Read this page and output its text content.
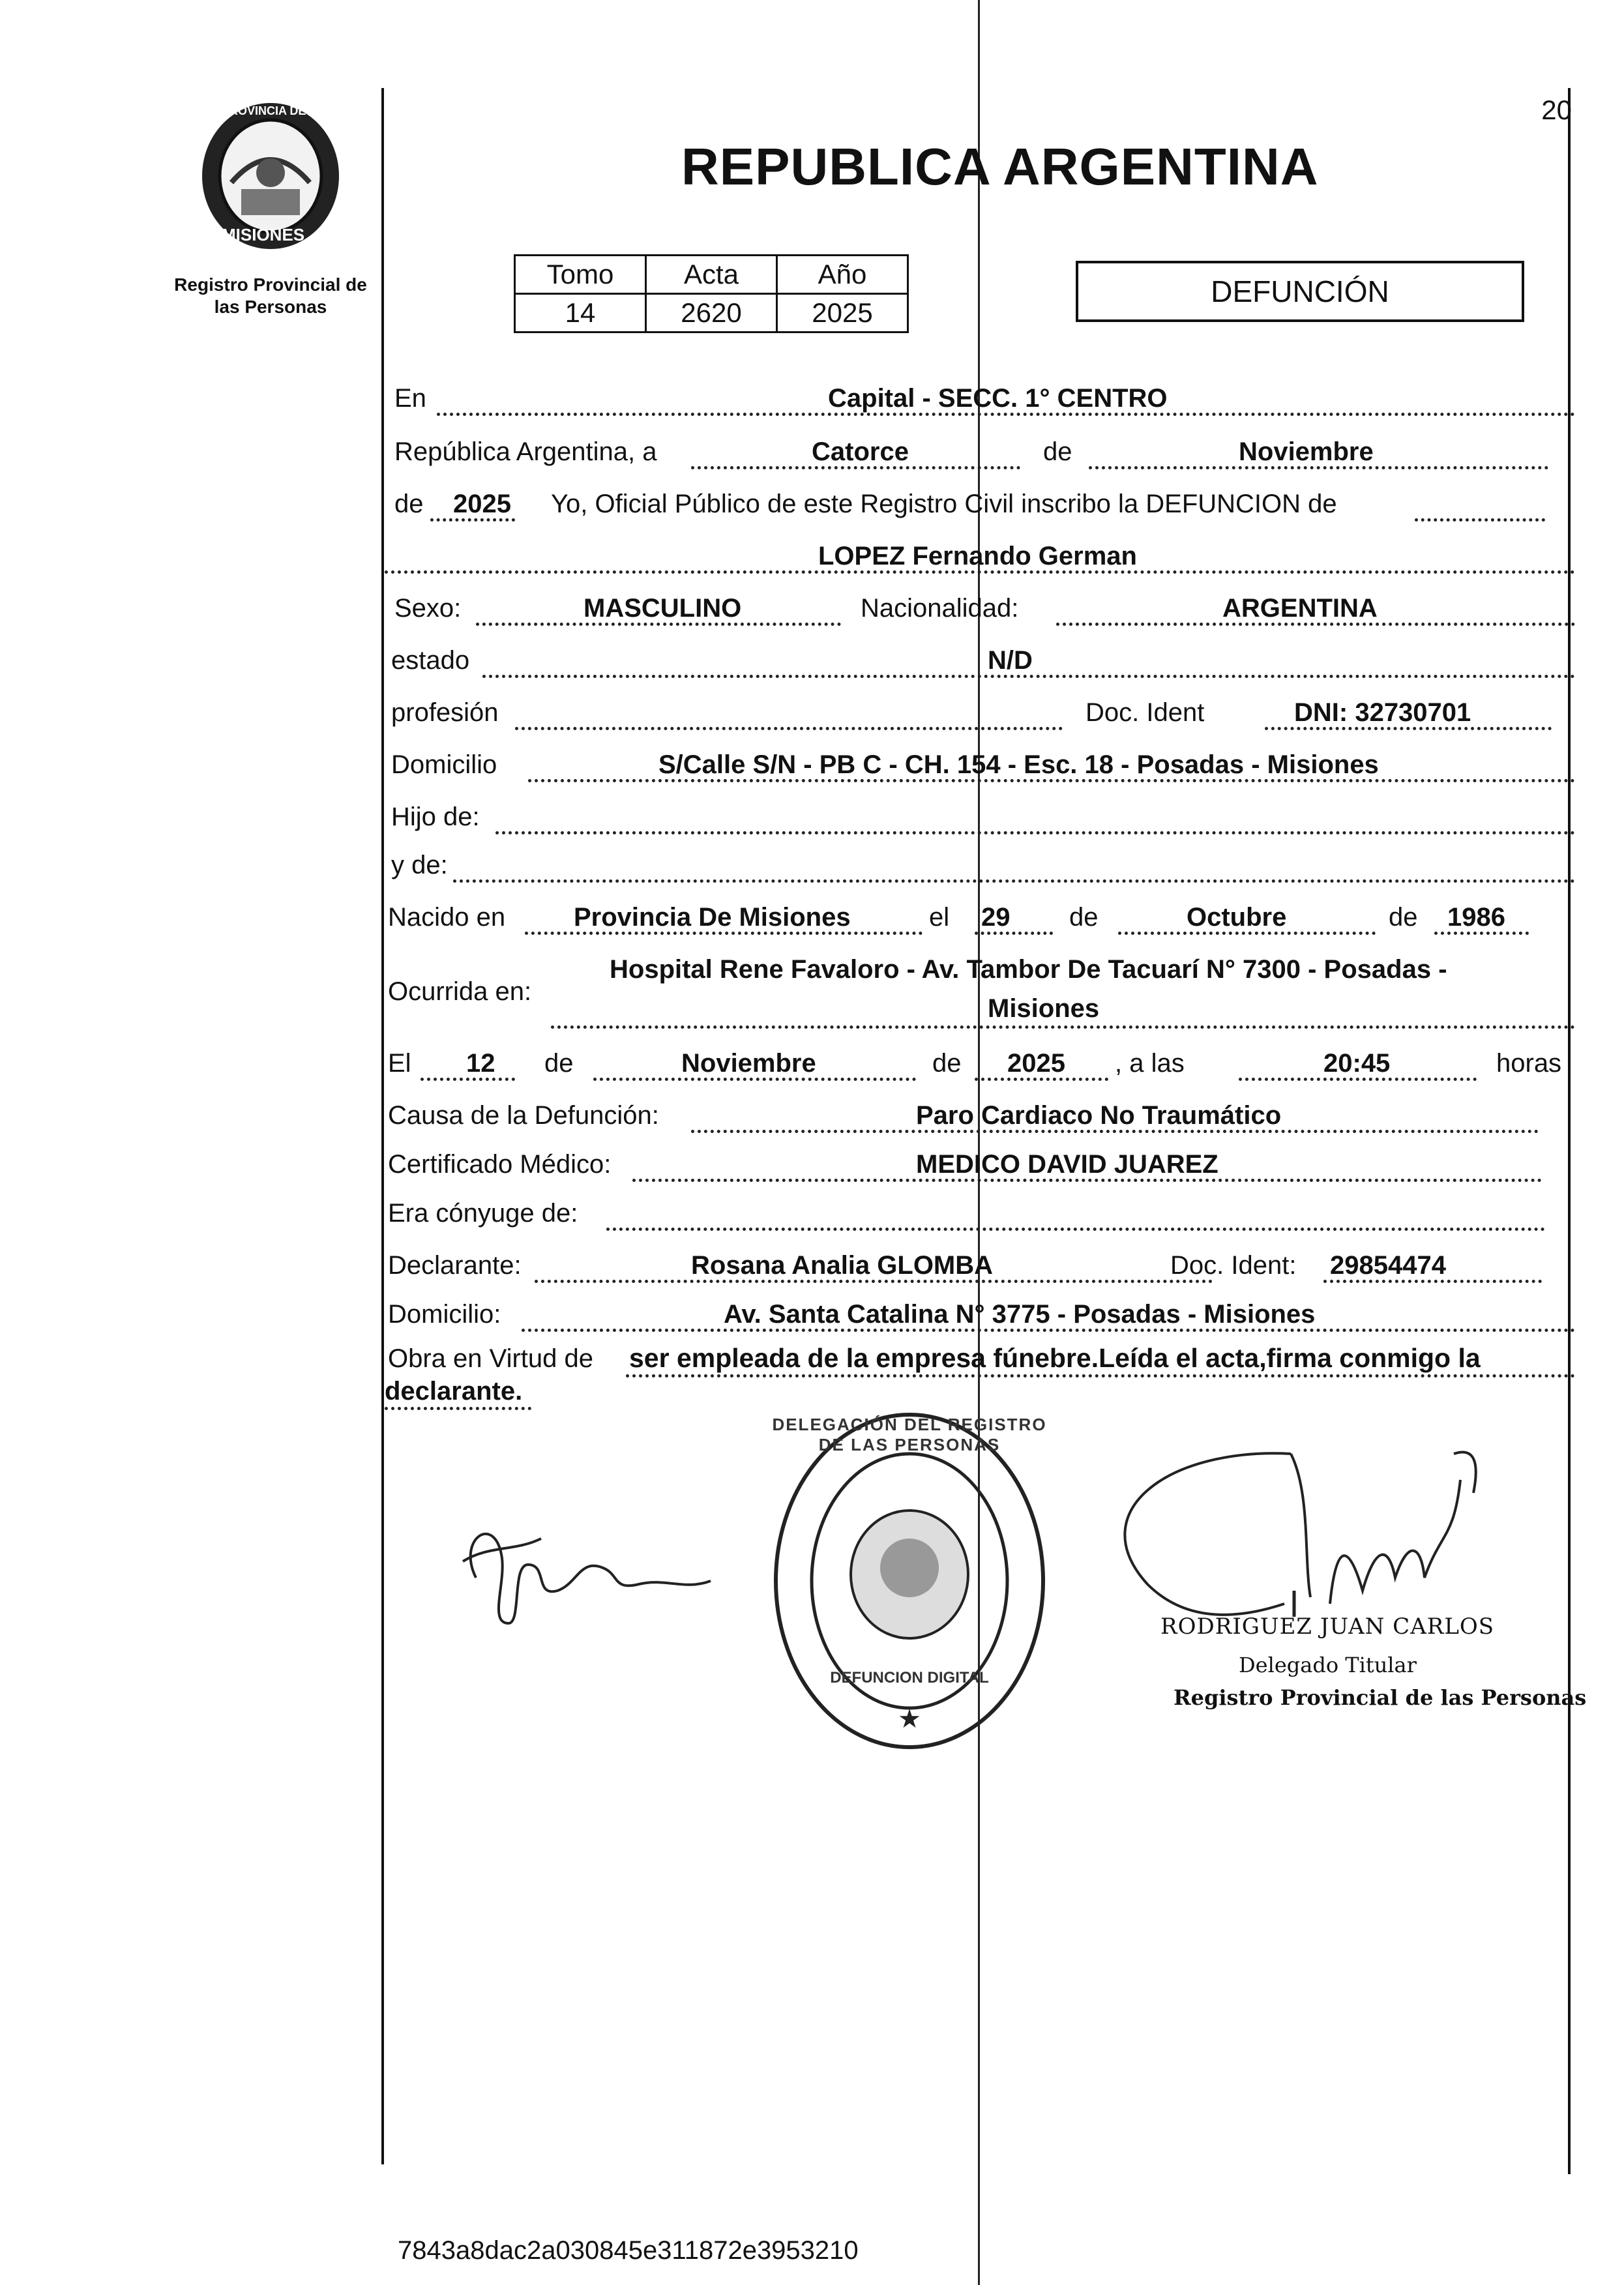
PROVINCIA DE
MISIONES
Registro Provincial de las Personas
20
REPUBLICA ARGENTINA
Tomo	Acta	Año
14	2620	2025
DEFUNCIÓN
En	Capital - SECC. 1° CENTRO
República Argentina, a	Catorce	de	Noviembre
de 2025 Yo, Oficial Público de este Registro Civil inscribo la DEFUNCION de
LOPEZ Fernando German
Sexo:	MASCULINO	Nacionalidad:	ARGENTINA
estado	N/D
profesión	Doc. Ident	DNI: 32730701
Domicilio	S/Calle S/N - PB C - CH. 154 - Esc. 18 - Posadas - Misiones
Hijo de:
y de:
Nacido en	Provincia De Misiones	el 29 de	Octubre	de 1986
Ocurrida en:
Hospital Rene Favaloro - Av. Tambor De Tacuarí N° 7300 - Posadas -
Misiones
El 12 de	Noviembre	de 2025 , a las	20:45	horas
Causa de la Defunción:	Paro Cardiaco No Traumático
Certificado Médico:	MEDICO DAVID JUAREZ
Era cónyuge de:
Declarante:	Rosana Analia GLOMBA	Doc. Ident: 29854474
Domicilio:	Av. Santa Catalina N° 3775 - Posadas - Misiones
Obra en Virtud de ser empleada de la empresa fúnebre.Leída el acta,firma conmigo la
declarante.
★
DELEGACIÓN DEL REGISTRO DE LAS PERSONAS
DEFUNCION DIGITAL
RODRIGUEZ JUAN CARLOS
Delegado Titular
Registro Provincial de las Personas
7843a8dac2a030845e311872e3953210
